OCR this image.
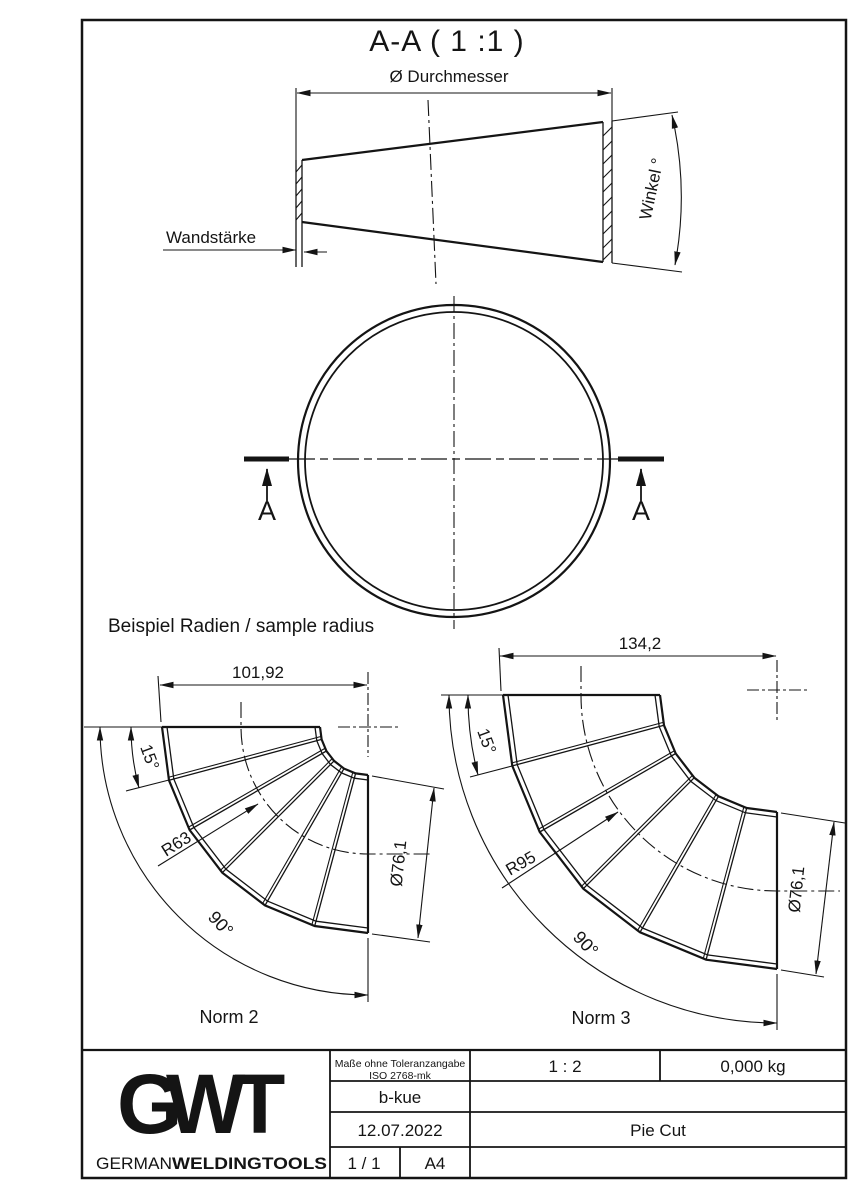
A-A ( 1 :1 )
Ø Durchmesser
Wandstärke
Winkel °
A	A
Beispiel Radien / sample radius
101,92
15°
R63
90°
Ø76,1
Norm 2
134,2
15°
R95
90°
Ø76,1
Norm 3
G
W
T
GERMAN WELDINGTOOLS
Maße ohne Toleranzangabe
ISO 2768-mk
b-kue
12.07.2022
1 / 1	A4
1 : 2	0,000 kg
Pie Cut
